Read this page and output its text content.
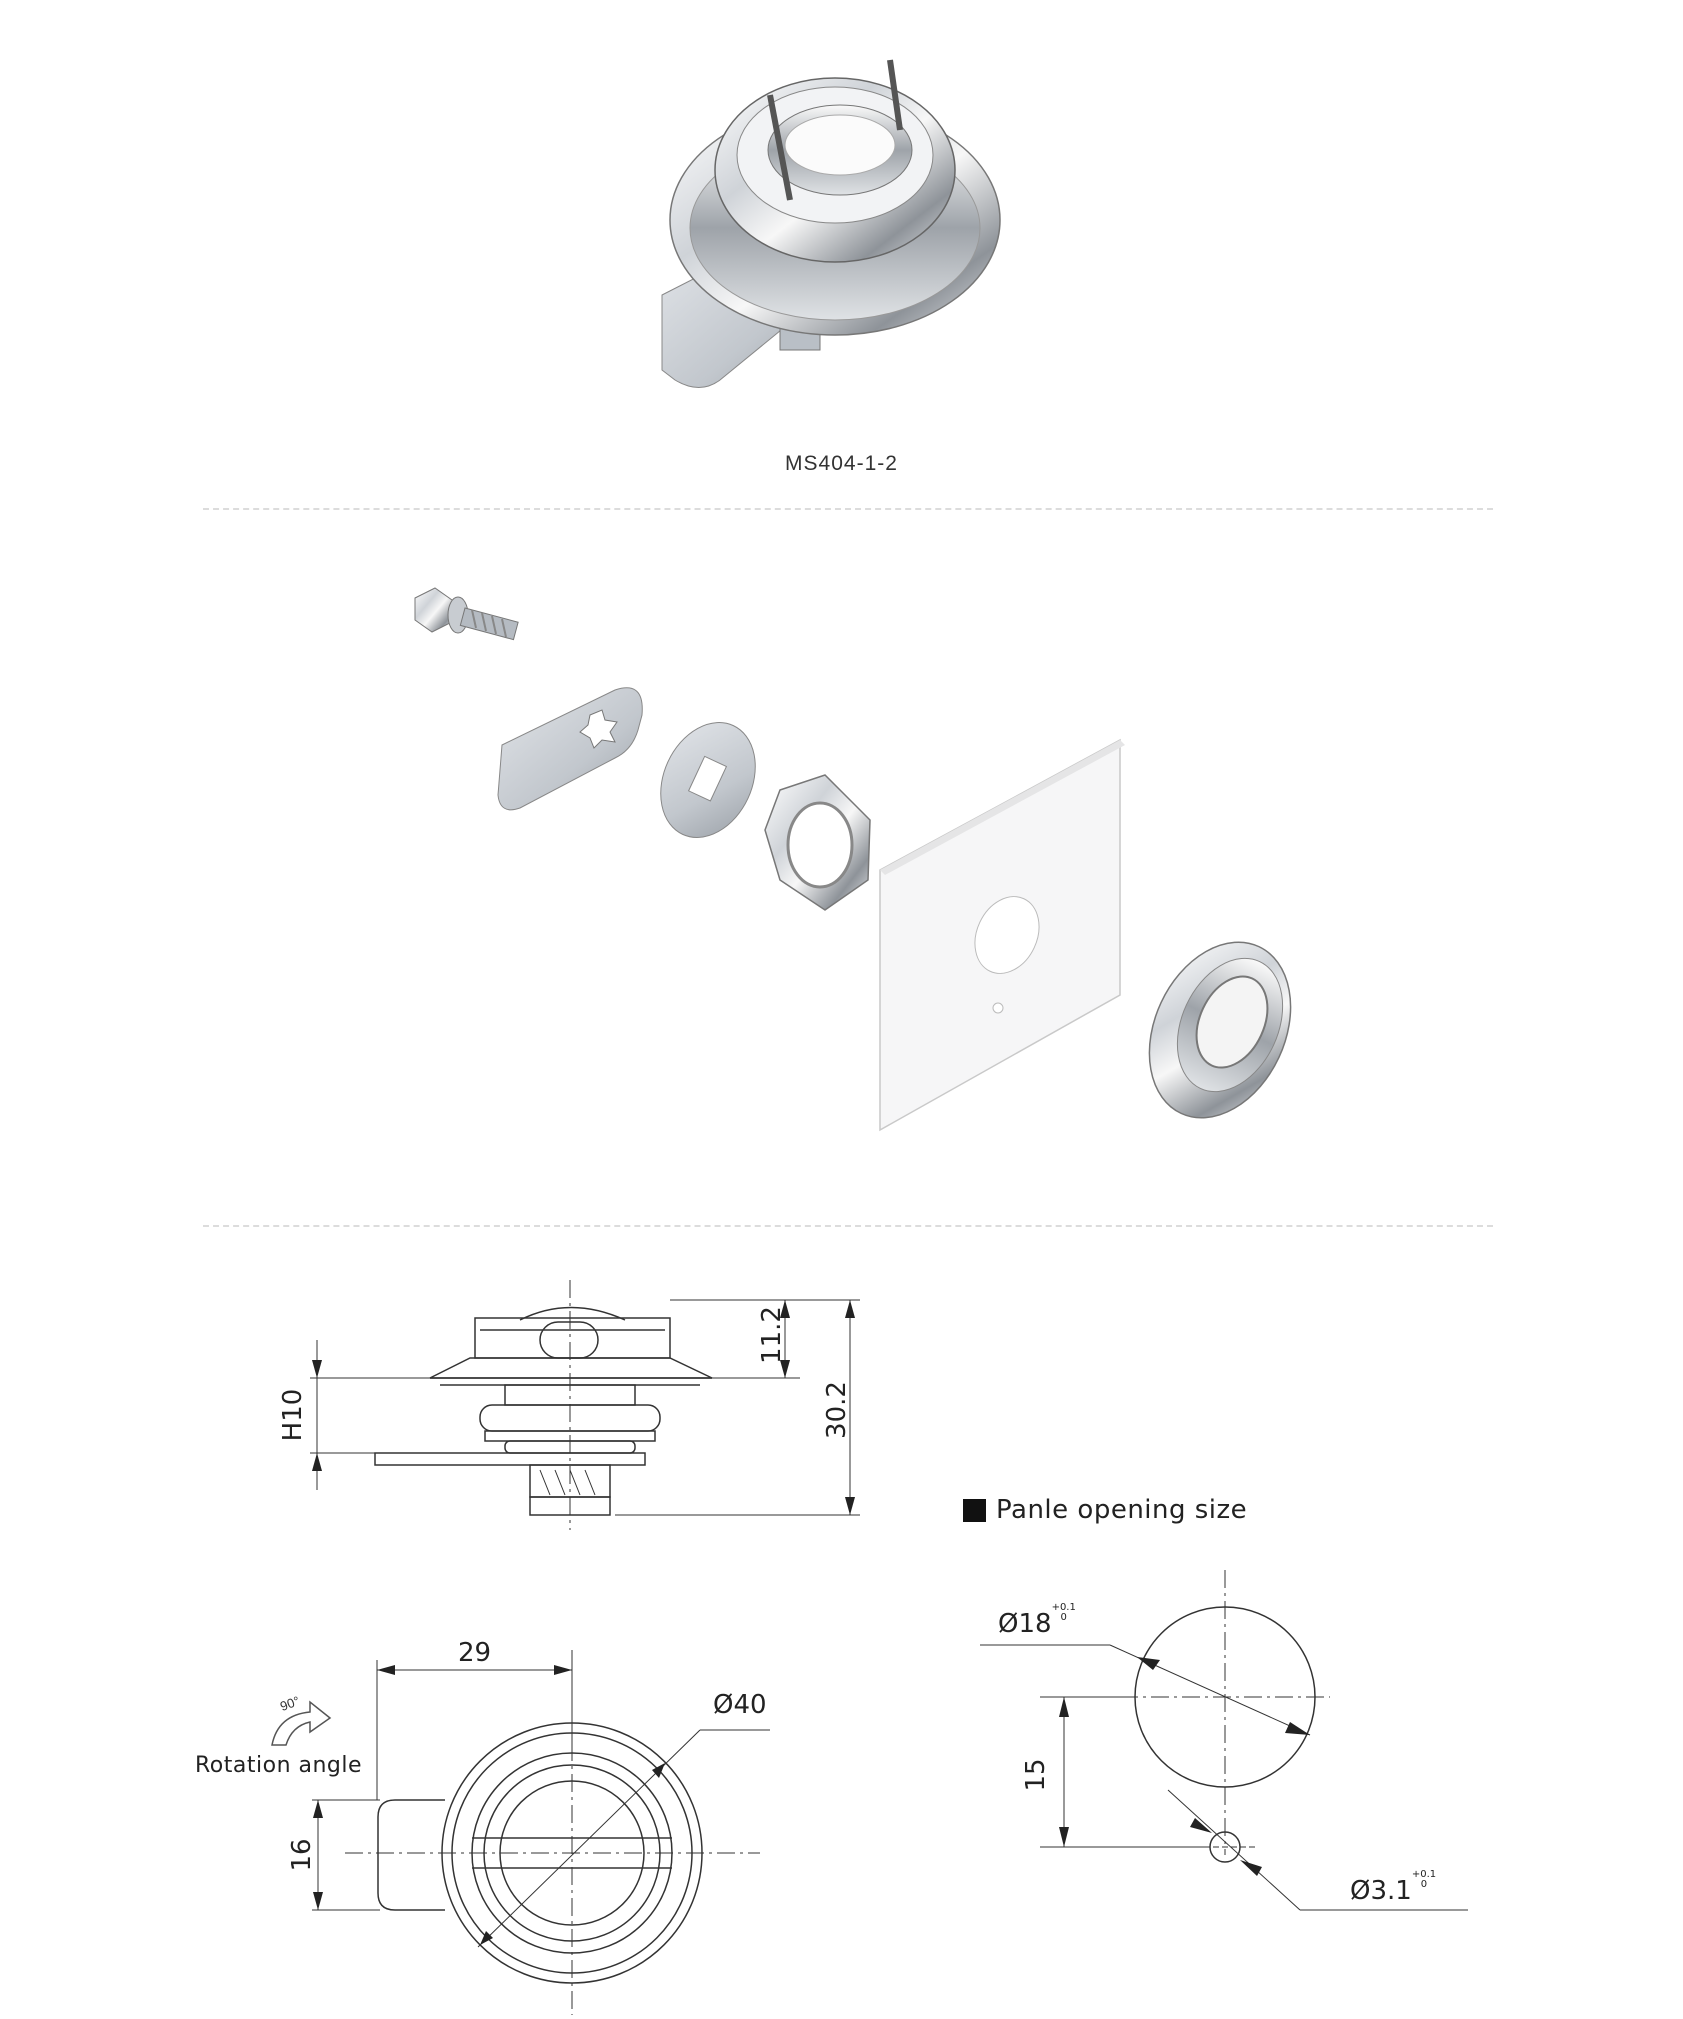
MS404-1-2
11.2
30.2
H10
Panle opening size
29
Ø40
16
90°
Rotation angle
$Ø18^{+0.1 0}$
15
$Ø3.1^{+0.1 0}$
